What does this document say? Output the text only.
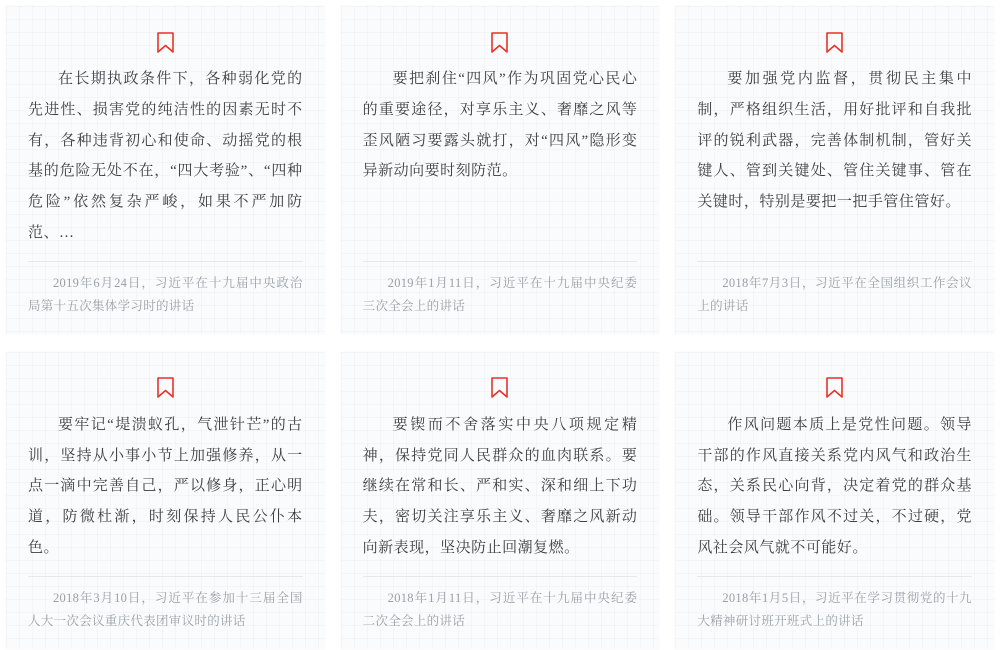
在长期执政条件下，各种弱化党的先进性、损害党的纯洁性的因素无时不有，各种违背初心和使命、动摇党的根基的危险无处不在，“四大考验”、“四种危险”依然复杂严峻，如果不严加防范、…
2019年6月24日，习近平在十九届中央政治局第十五次集体学习时的讲话
要把刹住“四风”作为巩固党心民心的重要途径，对享乐主义、奢靡之风等歪风陋习要露头就打，对“四风”隐形变异新动向要时刻防范。
2019年1月11日，习近平在十九届中央纪委三次全会上的讲话
要加强党内监督，贯彻民主集中制，严格组织生活，用好批评和自我批评的锐利武器，完善体制机制，管好关键人、管到关键处、管住关键事、管在关键时，特别是要把一把手管住管好。
2018年7月3日，习近平在全国组织工作会议上的讲话
要牢记“堤溃蚁孔，气泄针芒”的古训，坚持从小事小节上加强修养，从一点一滴中完善自己，严以修身，正心明道，防微杜渐，时刻保持人民公仆本色。
2018年3月10日，习近平在参加十三届全国人大一次会议重庆代表团审议时的讲话
要锲而不舍落实中央八项规定精神，保持党同人民群众的血肉联系。要继续在常和长、严和实、深和细上下功夫，密切关注享乐主义、奢靡之风新动向新表现，坚决防止回潮复燃。
2018年1月11日，习近平在十九届中央纪委二次全会上的讲话
作风问题本质上是党性问题。领导干部的作风直接关系党内风气和政治生态，关系民心向背，决定着党的群众基础。领导干部作风不过关，不过硬，党风社会风气就不可能好。
2018年1月5日，习近平在学习贯彻党的十九大精神研讨班开班式上的讲话
